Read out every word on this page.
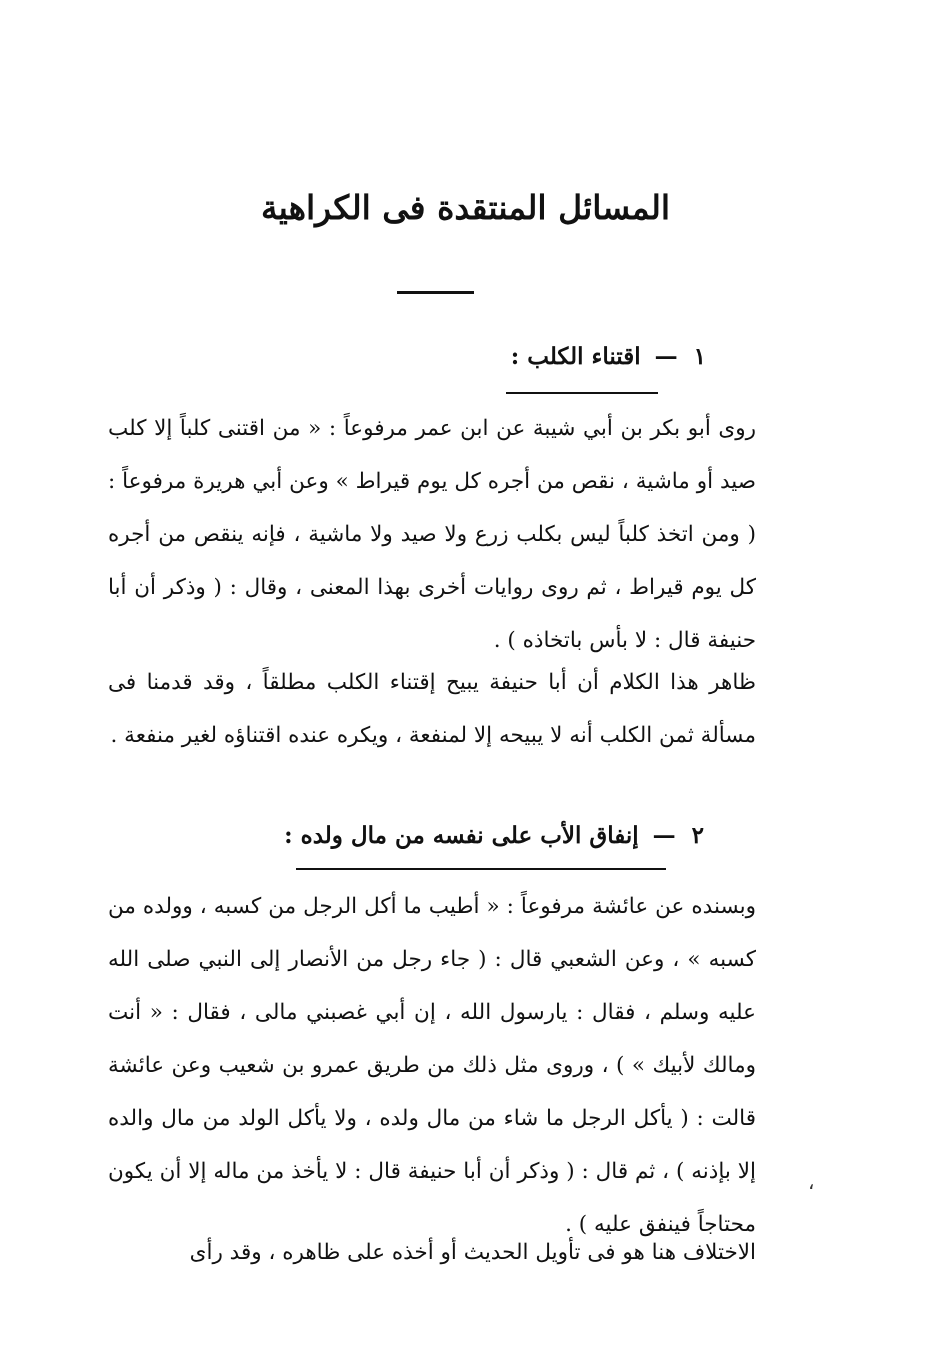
المسائل المنتقدة فى الكراهية
١—اقتناء الكلب :

روى أبو بكر بن أبي شيبة عن ابن عمر مرفوعاً : « من اقتنى كلباً إلا كلب صيد أو ماشية ، نقص من أجره كل يوم قيراط » وعن أبي هريرة مرفوعاً : ( ومن اتخذ كلباً ليس بكلب زرع ولا صيد ولا ماشية ، فإنه ينقص من أجره كل يوم قيراط ، ثم روى روايات أخرى بهذا المعنى ، وقال : ( وذكر أن أبا حنيفة قال : لا بأس باتخاذه ) .

ظاهر هذا الكلام أن أبا حنيفة يبيح إقتناء الكلب مطلقاً ، وقد قدمنا فى مسألة ثمن الكلب أنه لا يبيحه إلا لمنفعة ، ويكره عنده اقتناؤه لغير منفعة .

٢—إنفاق الأب على نفسه من مال ولده :

وبسنده عن عائشة مرفوعاً : « أطيب ما أكل الرجل من كسبه ، وولده من كسبه » ، وعن الشعبي قال : ( جاء رجل من الأنصار إلى النبي صلى الله عليه وسلم ، فقال : يارسول الله ، إن أبي غصبني مالى ، فقال : « أنت ومالك لأبيك » ) ، وروى مثل ذلك من طريق عمرو بن شعيب وعن عائشة قالت : ( يأكل الرجل ما شاء من مال ولده ، ولا يأكل الولد من مال والده إلا بإذنه ) ، ثم قال : ( وذكر أن أبا حنيفة قال : لا يأخذ من ماله إلا أن يكون محتاجاً فينفق عليه ) .

الاختلاف هنا هو فى تأويل الحديث أو أخذه على ظاهره ، وقد رأى

،
